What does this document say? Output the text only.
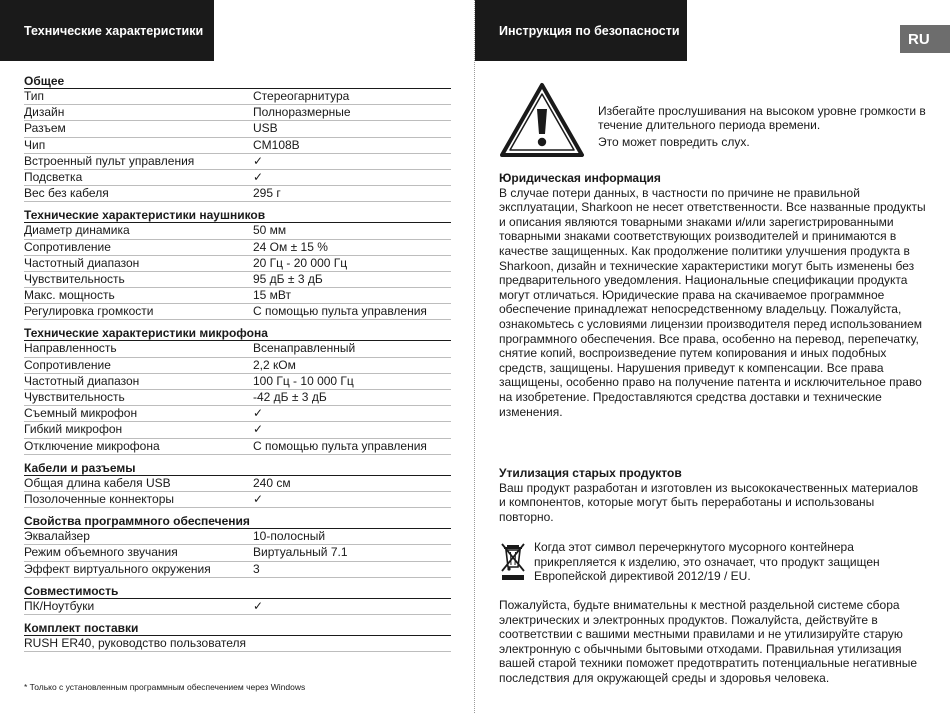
Технические характеристики	Инструкция по безопасности	RU
Общее
Тип	Стереогарнитура
Дизайн	Полноразмерные
Разъем	USB
Чип	CM108B
Встроенный пульт управления	✓
Подсветка	✓
Вес без кабеля	295 г
Технические характеристики наушников
Диаметр динамика	50 мм
Сопротивление	24 Ом ± 15 %
Частотный диапазон	20 Гц - 20 000 Гц
Чувствительность	95 дБ ± 3 дБ
Макс. мощность	15 мВт
Регулировка громкости	С помощью пульта управления
Технические характеристики микрофона
Направленность	Всенаправленный
Сопротивление	2,2 кОм
Частотный диапазон	100 Гц - 10 000 Гц
Чувствительность	-42 дБ ± 3 дБ
Съемный микрофон	✓
Гибкий микрофон	✓
Отключение микрофона	С помощью пульта управления
Кабели и разъемы
Общая длина кабеля USB	240 см
Позолоченные коннекторы	✓
Свойства программного обеспечения
Эквалайзер	10-полосный
Режим объемного звучания	Виртуальный 7.1
Эффект виртуального окружения	3
Совместимость
ПК/Ноутбуки	✓
Комплект поставки
RUSH ER40, руководство пользователя
* Только с установленным программным обеспечением через Windows

Избегайте прослушивания на высоком уровне громкости в течение длительного периода времени.

Это может повредить слух.

Юридическая информация
В случае потери данных, в частности по причине не правильной эксплуатации, Sharkoon не несет ответственности. Все названные продукты и описания являются товарными знаками и/или зарегистрированными товарными знаками соответствующих роизводителей и принимаются в качестве защищенных. Как продолжение политики улучшения продукта в Sharkoon, дизайн и технические характеристики могут быть изменены без предварительного уведомления. Национальные спецификации продукта могут отличаться. Юридические права на скачиваемое программное обеспечение принадлежат непосредственному владельцу. Пожалуйста, ознакомьтесь с условиями лицензии производителя перед использованием программного обеспечения. Все права, особенно на перевод, перепечатку, снятие копий, воспроизведение путем копирования и иных подобных средств, защищены. Нарушения приведут к компенсации. Все права защищены, особенно право на получение патента и исключительное право на изобретение. Предоставляются средства доставки и технические изменения.
Утилизация старых продуктов
Ваш продукт разработан и изготовлен из высококачественных материалов и компонентов, которые могут быть переработаны и использованы повторно.
Когда этот символ перечеркнутого мусорного контейнера прикрепляется к изделию, это означает, что продукт защищен Европейской директивой 2012/19 / EU.
Пожалуйста, будьте внимательны к местной раздельной системе сбора электрических и электронных продуктов. Пожалуйста, действуйте в соответствии с вашими местными правилами и не утилизируйте старую электронную с обычными бытовыми отходами. Правильная утилизация вашей старой техники поможет предотвратить потенциальные негативные последствия для окружающей среды и здоровья человека.
